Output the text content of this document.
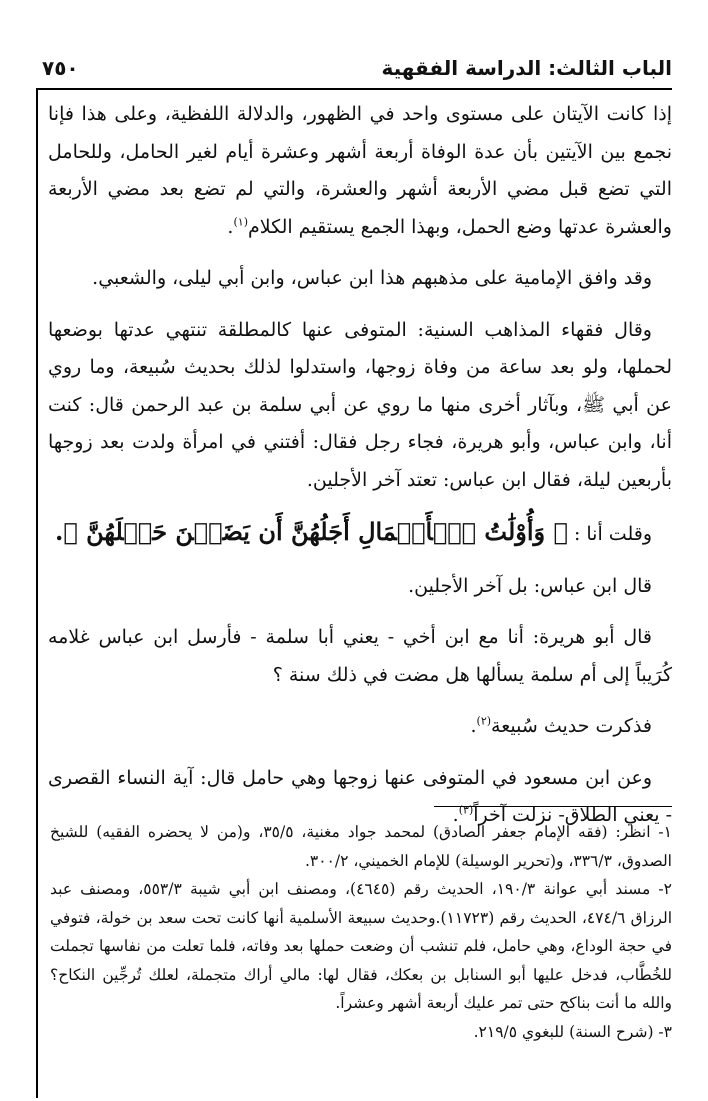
الباب الثالث: الدراسة الفقهية
٧٥٠

إذا كانت الآيتان على مستوى واحد في الظهور، والدلالة اللفظية، وعلى هذا فإنا نجمع بين الآيتين بأن عدة الوفاة أربعة أشهر وعشرة أيام لغير الحامل، وللحامل التي تضع قبل مضي الأربعة أشهر والعشرة، والتي لم تضع بعد مضي الأربعة والعشرة عدتها وضع الحمل، وبهذا الجمع يستقيم الكلام$^{(١)}$.

وقد وافق الإمامية على مذهبهم هذا ابن عباس، وابن أبي ليلى، والشعبي.

وقال فقهاء المذاهب السنية: المتوفى عنها كالمطلقة تنتهي عدتها بوضعها لحملها، ولو بعد ساعة من وفاة زوجها، واستدلوا لذلك بحديث سُبيعة، وما روي عن أبي ﷺ، وبآثار أخرى منها ما روي عن أبي سلمة بن عبد الرحمن قال: كنت أنا، وابن عباس، وأبو هريرة، فجاء رجل فقال: أفتني في امرأة ولدت بعد زوجها بأربعين ليلة، فقال ابن عباس: تعتد آخر الأجلين.

وقلت أنا : ﴿ وَأُوْلَٰتُ ٱلۡأَحۡمَالِ أَجَلُهُنَّ أَن يَضَعۡنَ حَمۡلَهُنَّ ﴾.

قال ابن عباس: بل آخر الأجلين.

قال أبو هريرة: أنا مع ابن أخي - يعني أبا سلمة - فأرسل ابن عباس غلامه كُرَيباً إلى أم سلمة يسألها هل مضت في ذلك سنة ؟

فذكرت حديث سُبيعة$^{(٢)}$.

وعن ابن مسعود في المتوفى عنها زوجها وهي حامل قال: آية النساء القصرى - يعني الطلاق- نزلت آخراً$^{(٣)}$.

١- انظر: (فقه الإمام جعفر الصادق) لمحمد جواد مغنية، ٣٥/٥، و(من لا يحضره الفقيه) للشيخ الصدوق، ٣٣٦/٣، و(تحرير الوسيلة) للإمام الخميني، ٣٠٠/٢.

٢- مسند أبي عوانة ١٩٠/٣، الحديث رقم (٤٦٤٥)، ومصنف ابن أبي شيبة ٥٥٣/٣، ومصنف عبد الرزاق ٤٧٤/٦، الحديث رقم (١١٧٢٣).وحديث سبيعة الأسلمية أنها كانت تحت سعد بن خولة، فتوفي في حجة الوداع، وهي حامل، فلم تنشب أن وضعت حملها بعد وفاته، فلما تعلت من نفاسها تجملت للخُطَّاب، فدخل عليها أبو السنابل بن بعكك، فقال لها: مالي أراك متجملة، لعلك تُرجِّين النكاح؟ والله ما أنت بناكح حتى تمر عليك أربعة أشهر وعشراً.

٣- (شرح السنة) للبغوي ٢١٩/٥.
